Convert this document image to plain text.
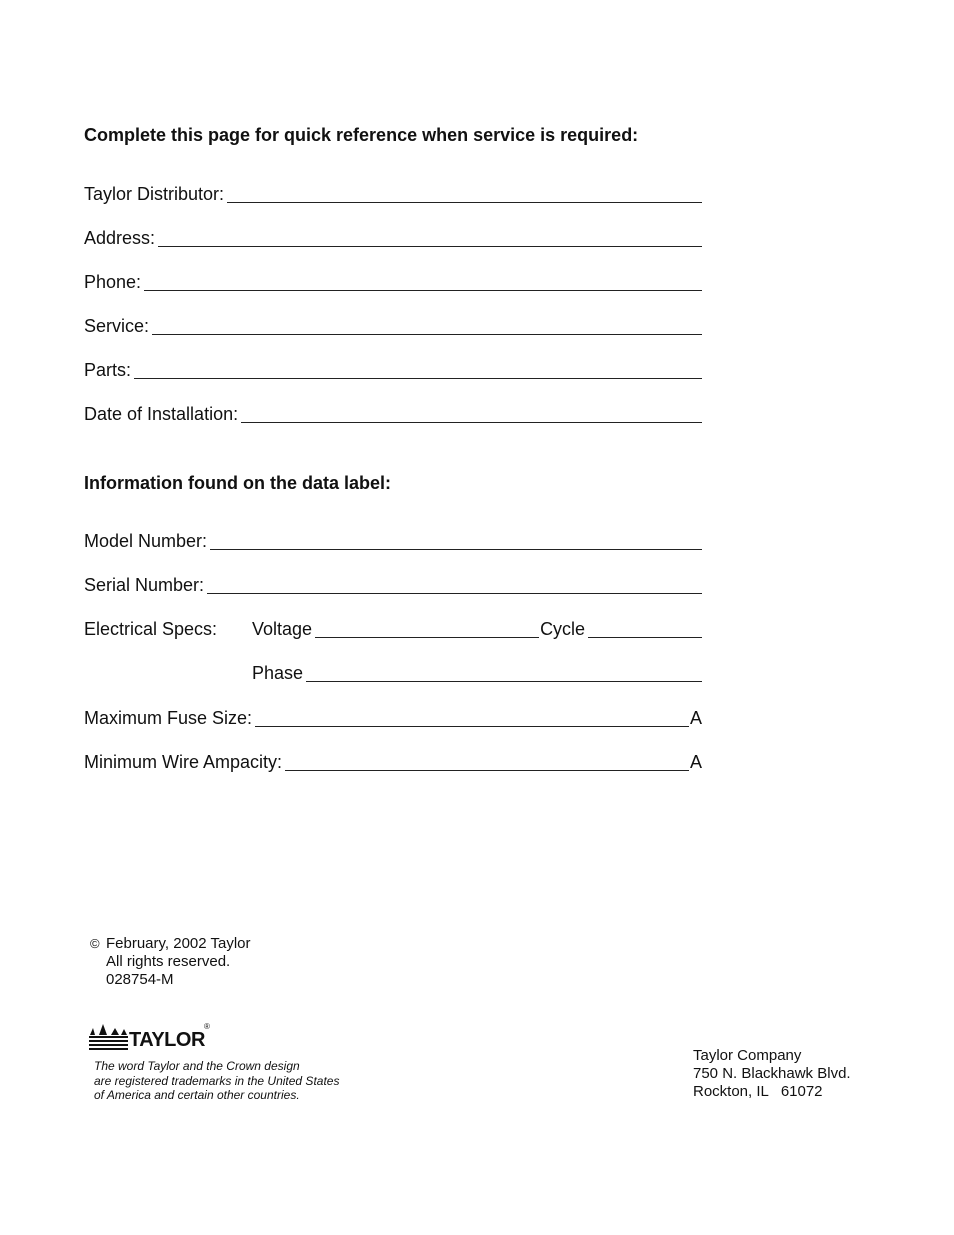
Complete this page for quick reference when service is required:
Taylor Distributor:
Address:
Phone:
Service:
Parts:
Date of Installation:
Information found on the data label:
Model Number:
Serial Number:
Electrical Specs:	Voltage	Cycle
Phase
Maximum Fuse Size:	A
Minimum Wire Ampacity:	A
© February, 2002 Taylor
All rights reserved.
028754-M
TAYLOR
®
The word Taylor and the Crown design
are registered trademarks in the United States
of America and certain other countries.
Taylor Company
750 N. Blackhawk Blvd.
Rockton, IL   61072
